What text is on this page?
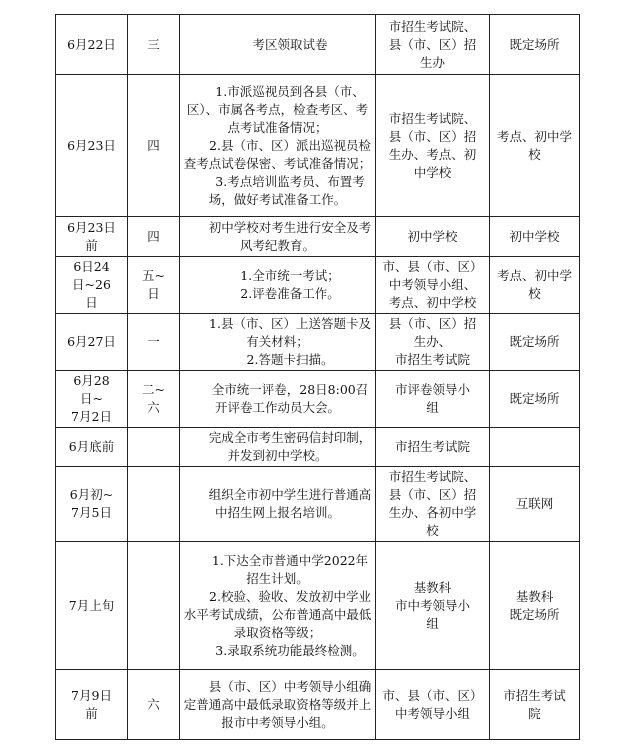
6月22日	三	考区领取试卷	市招生考试院、
县（市、区）招
生办	既定场所

6月23日	四	1.市派巡视员到各县（市、区）、市属各考点，检查考区、考点考试准备情况；
2.县（市、区）派出巡视员检查考点试卷保密、考试准备情况；
3.考点培训监考员、布置考场，做好考试准备工作。	市招生考试院、
县（市、区）招
生办、考点、初
中学校	考点、初中学
校

6月23日
前	四	初中学校对考生进行安全及考风考纪教育。	初中学校	初中学校

6日24
日~26
日	五~
日	1.全市统一考试；
2.评卷准备工作。	市、县（市、区）
中考领导小组、
考点、初中学校	考点、初中学
校

6月27日	一	1.县（市、区）上送答题卡及有关材料；
2.答题卡扫描。	县（市、区）招
生办、
市招生考试院	既定场所

6月28
日~
7月2日	二~
六	全市统一评卷，28日8:00召开评卷工作动员大会。	市评卷领导小
组	既定场所

6月底前		完成全市考生密码信封印制，并发到初中学校。	市招生考试院	

6月初~
7月5日		组织全市初中学生进行普通高中招生网上报名培训。	市招生考试院、
县（市、区）招
生办、各初中学
校	互联网

7月上旬		1.下达全市普通中学2022年招生计划。
2.校验、验收、发放初中学业水平考试成绩，公布普通高中最低录取资格等级；
3.录取系统功能最终检测。	基教科
市中考领导小
组	基教科
既定场所

7月9日
前	六	县（市、区）中考领导小组确定普通高中最低录取资格等级并上报市中考领导小组。	市、县（市、区）
中考领导小组	市招生考试
院
